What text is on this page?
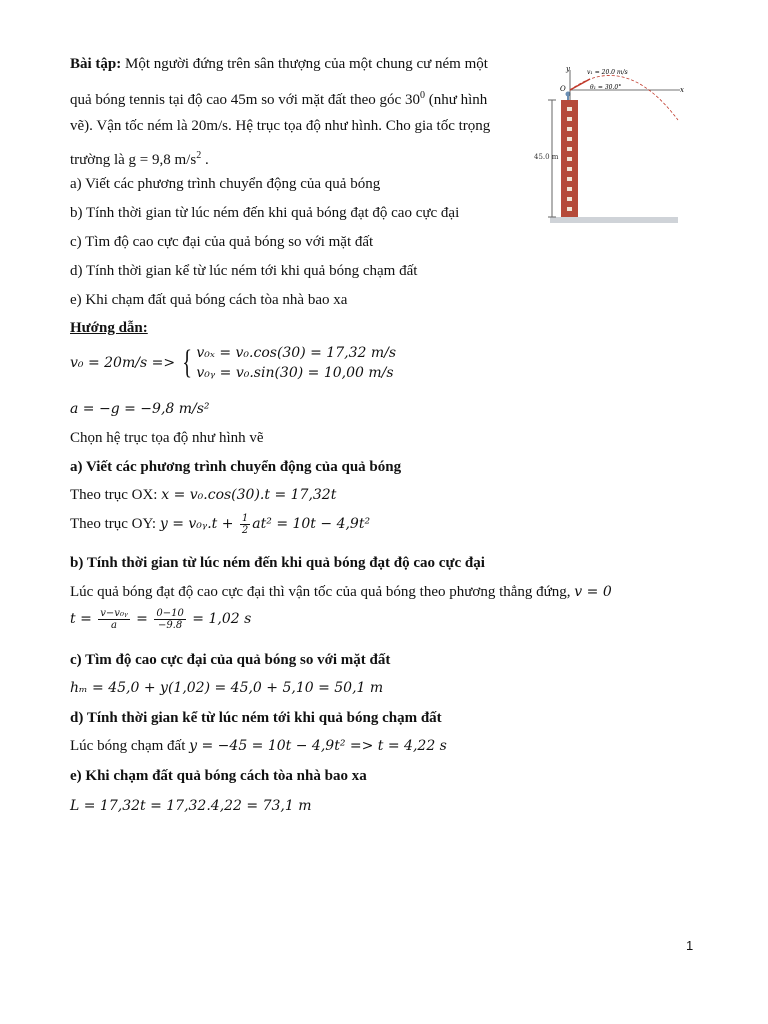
Bài tập: Một người đứng trên sân thượng của một chung cư ném một
quả bóng tennis tại độ cao 45m so với mặt đất theo góc $30^0$ (như hình
vẽ). Vận tốc ném là 20m/s. Hệ trục tọa độ như hình. Cho gia tốc trọng
trường là g = 9,8 $m/s^2$ .
a) Viết các phương trình chuyển động của quả bóng
b) Tính thời gian từ lúc ném đến khi quả bóng đạt độ cao cực đại
c) Tìm độ cao cực đại của quả bóng so với mặt đất
d) Tính thời gian kể từ lúc ném tới khi quả bóng chạm đất
e) Khi chạm đất quả bóng cách tòa nhà bao xa
45.0 m
y
x
O
v₁ = 20.0 m/s
θ₁ = 30.0°
Hướng dẫn:
v₀ = 20m/s => { v₀ₓ = v₀.cos(30) = 17,32 m/s
v₀ᵧ = v₀.sin(30) = 10,00 m/s
a = −g = −9,8 m/s²
Chọn hệ trục tọa độ như hình vẽ
a) Viết các phương trình chuyển động của quả bóng
Theo trục OX: x = v₀.cos(30).t = 17,32t
Theo trục OY: y = v₀ᵧ.t + $\frac{1}{2} at^2 = 10t - 4,9t^2$
b) Tính thời gian từ lúc ném đến khi quả bóng đạt độ cao cực đại
Lúc quả bóng đạt độ cao cực đại thì vận tốc của quả bóng theo phương thẳng đứng, v = 0
$t = \frac{\text{v−v₀ᵧ}}{a} = \frac{0-10}{-9.8} = 1,02$ s
c) Tìm độ cao cực đại của quả bóng so với mặt đất
hₘ = 45,0 + y(1,02) = 45,0 + 5,10 = 50,1 m
d) Tính thời gian kể từ lúc ném tới khi quả bóng chạm đất
Lúc bóng chạm đất y = −45 = 10t − 4,9t² => t = 4,22 s
e) Khi chạm đất quả bóng cách tòa nhà bao xa
L = 17,32t = 17,32.4,22 = 73,1 m
1
